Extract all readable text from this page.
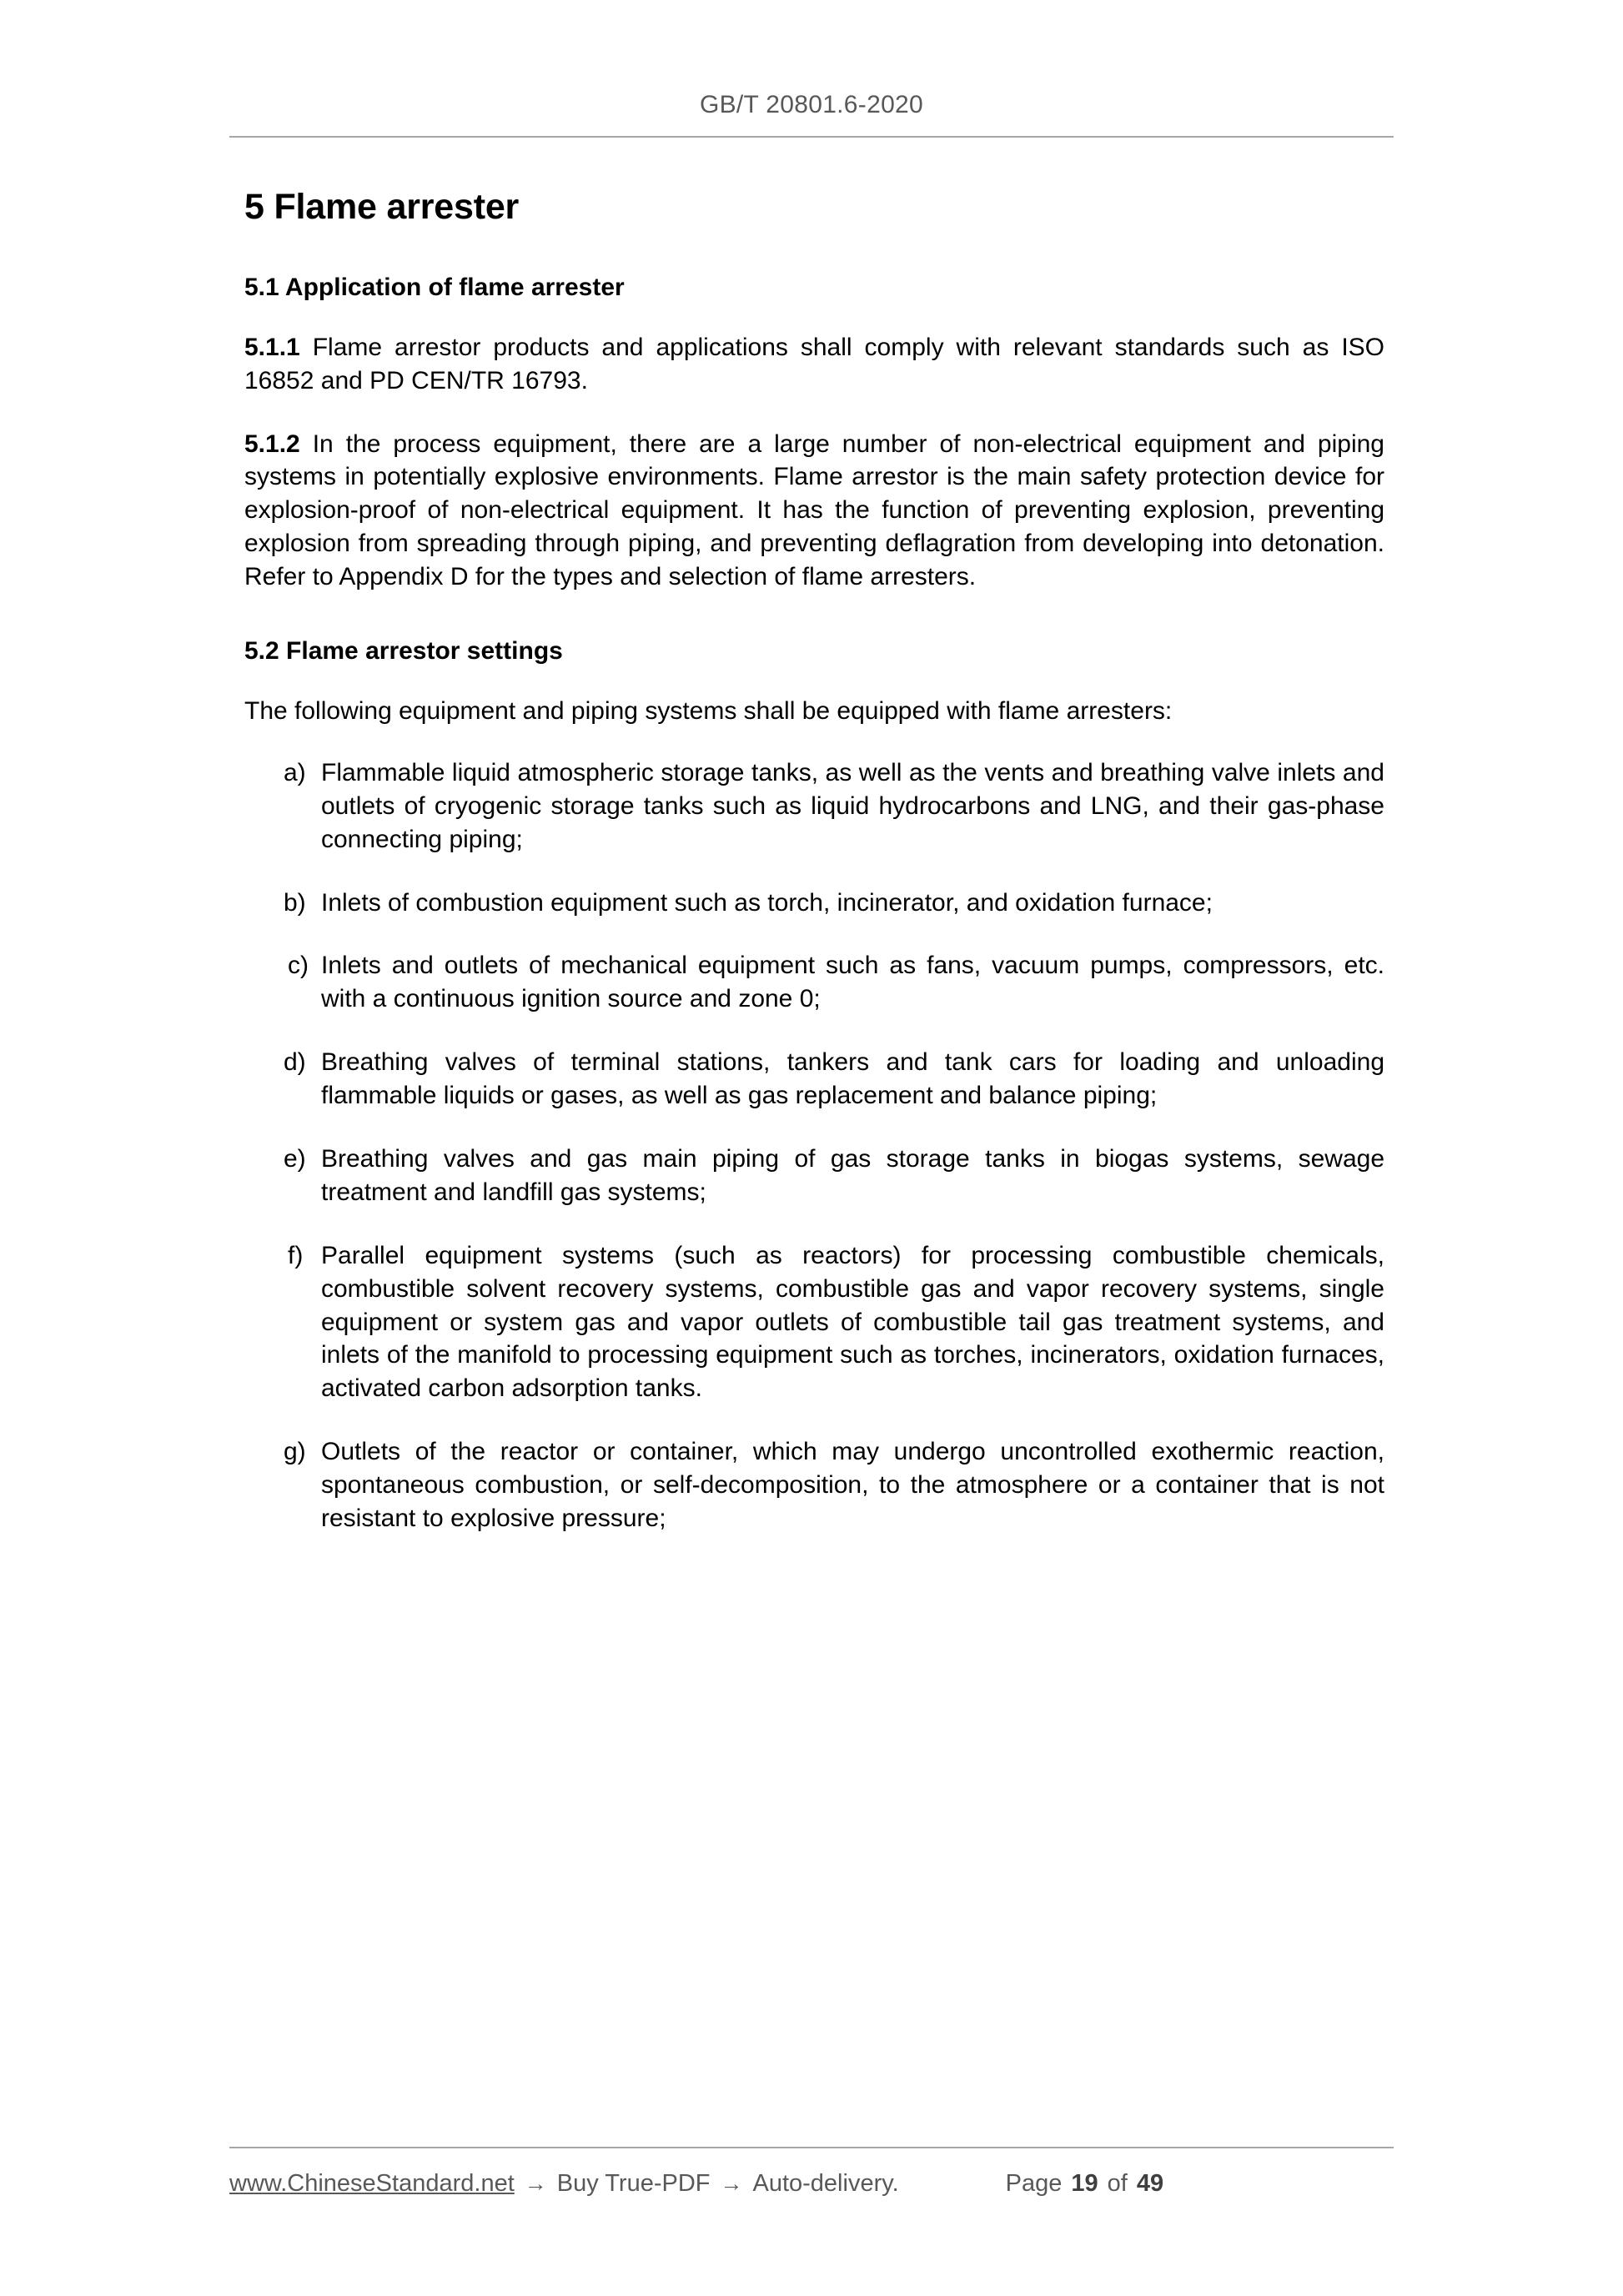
GB/T 20801.6-2020
5 Flame arrester
5.1 Application of flame arrester

5.1.1 Flame arrestor products and applications shall comply with relevant standards such as ISO 16852 and PD CEN/TR 16793.

5.1.2 In the process equipment, there are a large number of non-electrical equipment and piping systems in potentially explosive environments. Flame arrestor is the main safety protection device for explosion-proof of non-electrical equipment. It has the function of preventing explosion, preventing explosion from spreading through piping, and preventing deflagration from developing into detonation. Refer to Appendix D for the types and selection of flame arresters.

5.2 Flame arrestor settings

The following equipment and piping systems shall be equipped with flame arresters:

a) Flammable liquid atmospheric storage tanks, as well as the vents and breathing valve inlets and outlets of cryogenic storage tanks such as liquid hydrocarbons and LNG, and their gas-phase connecting piping;
b) Inlets of combustion equipment such as torch, incinerator, and oxidation furnace;
c) Inlets and outlets of mechanical equipment such as fans, vacuum pumps, compressors, etc. with a continuous ignition source and zone 0;
d) Breathing valves of terminal stations, tankers and tank cars for loading and unloading flammable liquids or gases, as well as gas replacement and balance piping;
e) Breathing valves and gas main piping of gas storage tanks in biogas systems, sewage treatment and landfill gas systems;
f) Parallel equipment systems (such as reactors) for processing combustible chemicals, combustible solvent recovery systems, combustible gas and vapor recovery systems, single equipment or system gas and vapor outlets of combustible tail gas treatment systems, and inlets of the manifold to processing equipment such as torches, incinerators, oxidation furnaces, activated carbon adsorption tanks.
g) Outlets of the reactor or container, which may undergo uncontrolled exothermic reaction, spontaneous combustion, or self-decomposition, to the atmosphere or a container that is not resistant to explosive pressure;
www.ChineseStandard.net → Buy True-PDF → Auto-delivery.	Page 19 of 49
